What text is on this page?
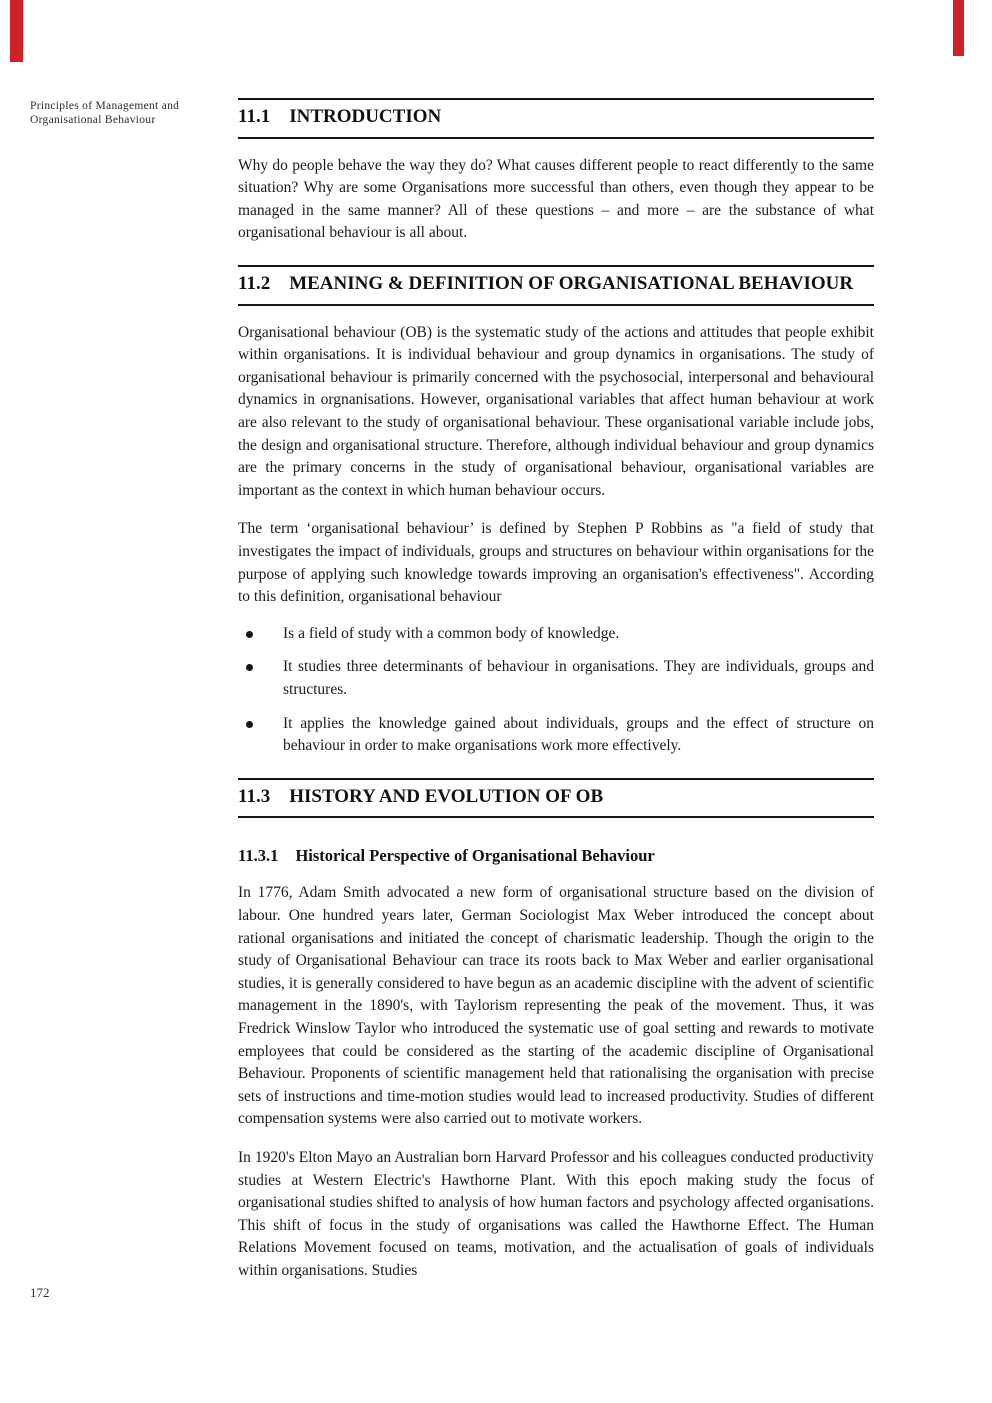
Principles of Management and
Organisational Behaviour
172
11.1 INTRODUCTION

Why do people behave the way they do? What causes different people to react differently to the same situation? Why are some Organisations more successful than others, even though they appear to be managed in the same manner? All of these questions – and more – are the substance of what organisational behaviour is all about.

11.2 MEANING & DEFINITION OF ORGANISATIONAL BEHAVIOUR

Organisational behaviour (OB) is the systematic study of the actions and attitudes that people exhibit within organisations. It is individual behaviour and group dynamics in organisations. The study of organisational behaviour is primarily concerned with the psychosocial, interpersonal and behavioural dynamics in orgnanisations. However, organisational variables that affect human behaviour at work are also relevant to the study of organisational behaviour. These organisational variable include jobs, the design and organisational structure. Therefore, although individual behaviour and group dynamics are the primary concerns in the study of organisational behaviour, organisational variables are important as the context in which human behaviour occurs.

The term ‘organisational behaviour’ is defined by Stephen P Robbins as "a field of study that investigates the impact of individuals, groups and structures on behaviour within organisations for the purpose of applying such knowledge towards improving an organisation's effectiveness". According to this definition, organisational behaviour

Is a field of study with a common body of knowledge.
It studies three determinants of behaviour in organisations. They are individuals, groups and structures.
It applies the knowledge gained about individuals, groups and the effect of structure on behaviour in order to make organisations work more effectively.
11.3 HISTORY AND EVOLUTION OF OB
11.3.1 Historical Perspective of Organisational Behaviour

In 1776, Adam Smith advocated a new form of organisational structure based on the division of labour. One hundred years later, German Sociologist Max Weber introduced the concept about rational organisations and initiated the concept of charismatic leadership. Though the origin to the study of Organisational Behaviour can trace its roots back to Max Weber and earlier organisational studies, it is generally considered to have begun as an academic discipline with the advent of scientific management in the 1890's, with Taylorism representing the peak of the movement. Thus, it was Fredrick Winslow Taylor who introduced the systematic use of goal setting and rewards to motivate employees that could be considered as the starting of the academic discipline of Organisational Behaviour. Proponents of scientific management held that rationalising the organisation with precise sets of instructions and time-motion studies would lead to increased productivity. Studies of different compensation systems were also carried out to motivate workers.

In 1920's Elton Mayo an Australian born Harvard Professor and his colleagues conducted productivity studies at Western Electric's Hawthorne Plant. With this epoch making study the focus of organisational studies shifted to analysis of how human factors and psychology affected organisations. This shift of focus in the study of organisations was called the Hawthorne Effect. The Human Relations Movement focused on teams, motivation, and the actualisation of goals of individuals within organisations. Studies
